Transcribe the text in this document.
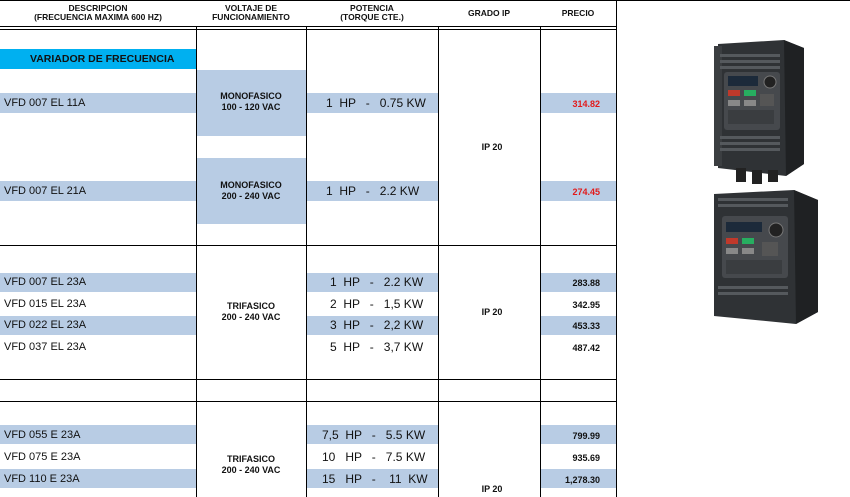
DESCRIPCION
(FRECUENCIA MAXIMA 600 HZ)
VOLTAJE DE
FUNCIONAMIENTO
POTENCIA
(TORQUE CTE.)	GRADO IP	PRECIO
VARIADOR DE FRECUENCIA
VFD 007 EL 11A
VFD 007 EL 21A
MONOFASICO
100 - 120 VAC
MONOFASICO
200 - 240 VAC
1  HP   -   0.75 KW
1  HP   -   2.2 KW
IP 20
314.82
274.45
VFD 007 EL 23A
VFD 015 EL 23A
VFD 022 EL 23A
VFD 037 EL 23A
TRIFASICO
200 - 240 VAC
1  HP   -   2.2 KW
2  HP   -   1,5 KW
3  HP   -   2,2 KW
5  HP   -   3,7 KW
IP 20
283.88
342.95
453.33
487.42
VFD 055 E 23A
VFD 075 E 23A
VFD 110 E 23A
TRIFASICO
200 - 240 VAC
7,5  HP   -   5.5 KW
10   HP   -   7.5 KW
15   HP   -    11  KW
IP 20
799.99
935.69
1,278.30
